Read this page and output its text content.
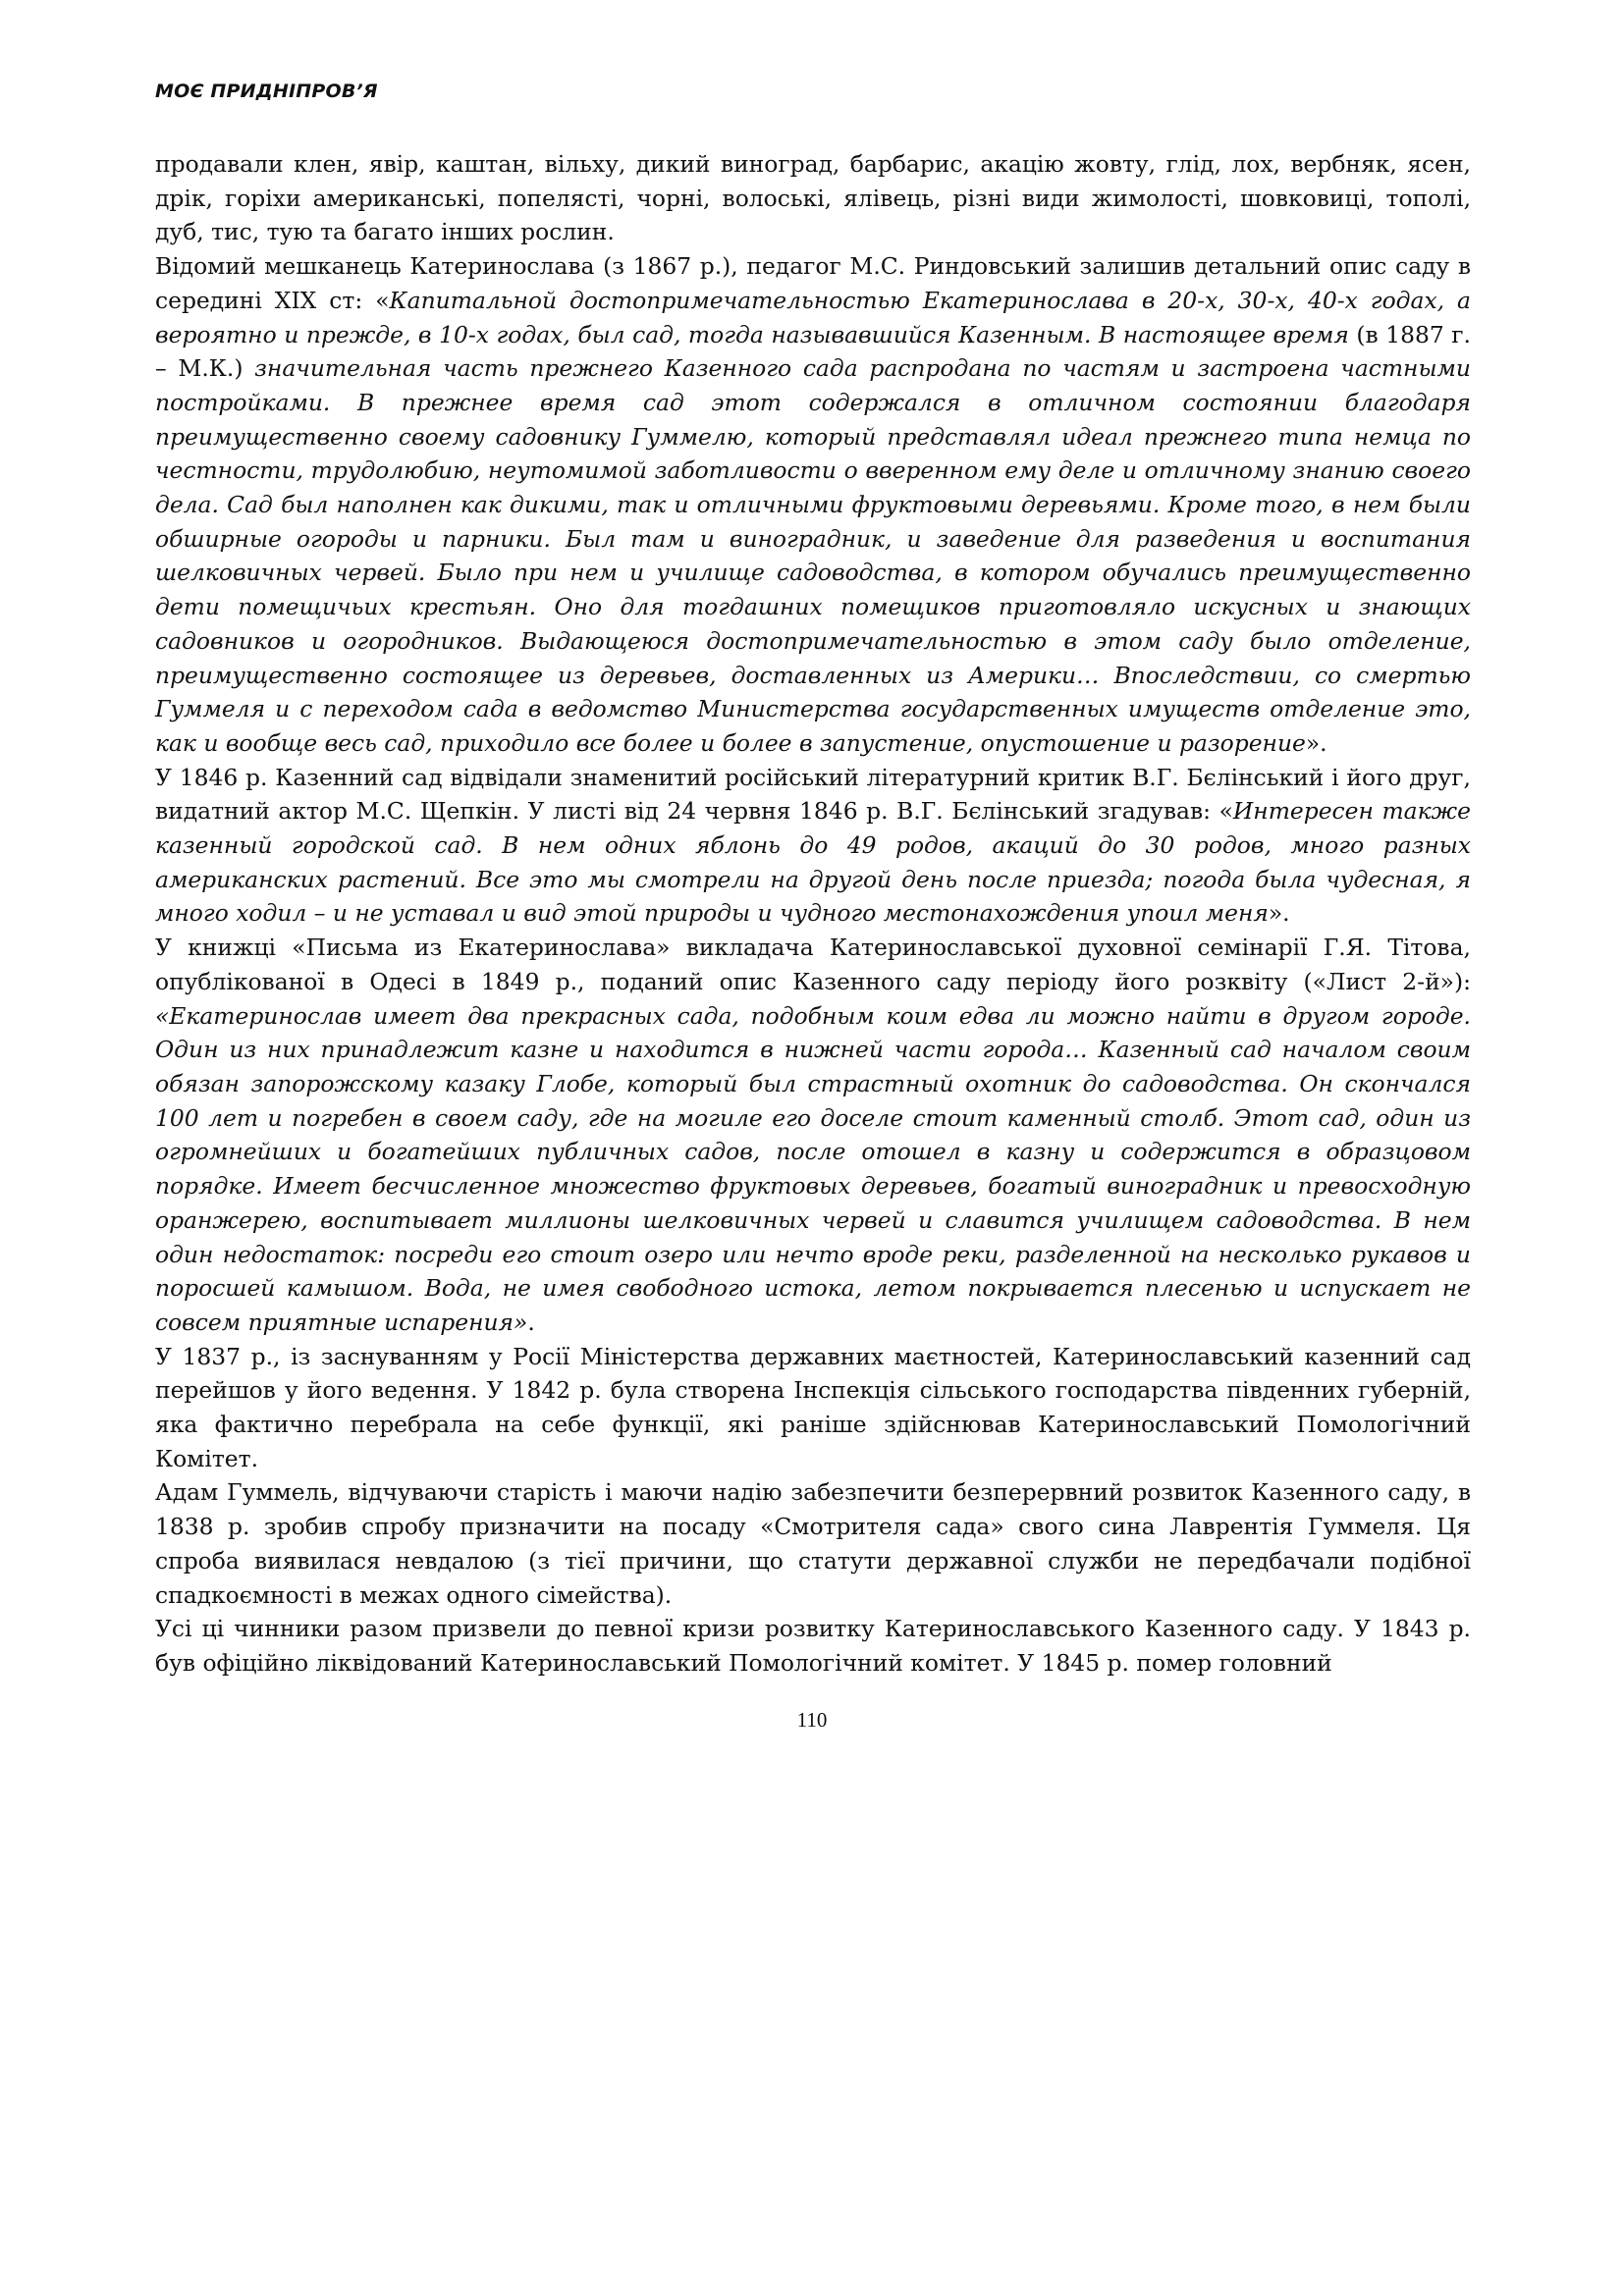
МОЄ ПРИДНІПРОВ’Я

продавали клен, явір, каштан, вільху, дикий виноград, барбарис, акацію жовту, глід, лох, вербняк, ясен, дрік, горіхи американські, попелясті, чорні, волоські, ялівець, різні види жимолості, шовковиці, тополі, дуб, тис, тую та багато інших рослин.

Відомий мешканець Катеринослава (з 1867 р.), педагог М.С. Риндовський залишив детальний опис саду в середині ХІХ ст: «Капитальной достопримечательностью Екатеринослава в 20-х, 30-х, 40-х годах, а вероятно и прежде, в 10-х годах, был сад, тогда называвшийся Казенным. В настоящее время (в 1887 г. – М.К.) значительная часть прежнего Казенного сада распродана по частям и застроена частными постройками. В прежнее время сад этот содержался в отличном состоянии благодаря преимущественно своему садовнику Гуммелю, который представлял идеал прежнего типа немца по честности, трудолюбию, неутомимой заботливости о вверенном ему деле и отличному знанию своего дела. Сад был наполнен как дикими, так и отличными фруктовыми деревьями. Кроме того, в нем были обширные огороды и парники. Был там и виноградник, и заведение для разведения и воспитания шелковичных червей. Было при нем и училище садоводства, в котором обучались преимущественно дети помещичьих крестьян. Оно для тогдашних помещиков приготовляло искусных и знающих садовников и огородников. Выдающеюся достопримечательностью в этом саду было отделение, преимущественно состоящее из деревьев, доставленных из Америки… Впоследствии, со смертью Гуммеля и с переходом сада в ведомство Министерства государственных имуществ отделение это, как и вообще весь сад, приходило все более и более в запустение, опустошение и разорение».

У 1846 р. Казенний сад відвідали знаменитий російський літературний критик В.Г. Бєлінський і його друг, видатний актор М.С. Щепкін. У листі від 24 червня 1846 р. В.Г. Бєлінський згадував: «Интересен также казенный городской сад. В нем одних яблонь до 49 родов, акаций до 30 родов, много разных американских растений. Все это мы смотрели на другой день после приезда; погода была чудесная, я много ходил – и не уставал и вид этой природы и чудного местонахождения упоил меня».

У книжці «Письма из Екатеринослава» викладача Катеринославської духовної семінарії Г.Я. Тітова, опублікованої в Одесі в 1849 р., поданий опис Казенного саду періоду його розквіту («Лист 2-й»): «Екатеринослав имеет два прекрасных сада, подобным коим едва ли можно найти в другом городе. Один из них принадлежит казне и находится в нижней части города… Казенный сад началом своим обязан запорожскому казаку Глобе, который был страстный охотник до садоводства. Он скончался 100 лет и погребен в своем саду, где на могиле его доселе стоит каменный столб. Этот сад, один из огромнейших и богатейших публичных садов, после отошел в казну и содержится в образцовом порядке. Имеет бесчисленное множество фруктовых деревьев, богатый виноградник и превосходную оранжерею, воспитывает миллионы шелковичных червей и славится училищем садоводства. В нем один недостаток: посреди его стоит озеро или нечто вроде реки, разделенной на несколько рукавов и поросшей камышом. Вода, не имея свободного истока, летом покрывается плесенью и испускает не совсем приятные испарения».

У 1837 р., із заснуванням у Росії Міністерства державних маєтностей, Катеринославський казенний сад перейшов у його ведення. У 1842 р. була створена Інспекція сільського господарства південних губерній, яка фактично перебрала на себе функції, які раніше здійснював Катеринославський Помологічний Комітет.

Адам Гуммель, відчуваючи старість і маючи надію забезпечити безперервний розвиток Казенного саду, в 1838 р. зробив спробу призначити на посаду «Смотрителя сада» свого сина Лаврентія Гуммеля. Ця спроба виявилася невдалою (з тієї причини, що статути державної служби не передбачали подібної спадкоємності в межах одного сімейства).

Усі ці чинники разом призвели до певної кризи розвитку Катеринославського Казенного саду. У 1843 р. був офіційно ліквідований Катеринославський Помологічний комітет. У 1845 р. помер головний

110
